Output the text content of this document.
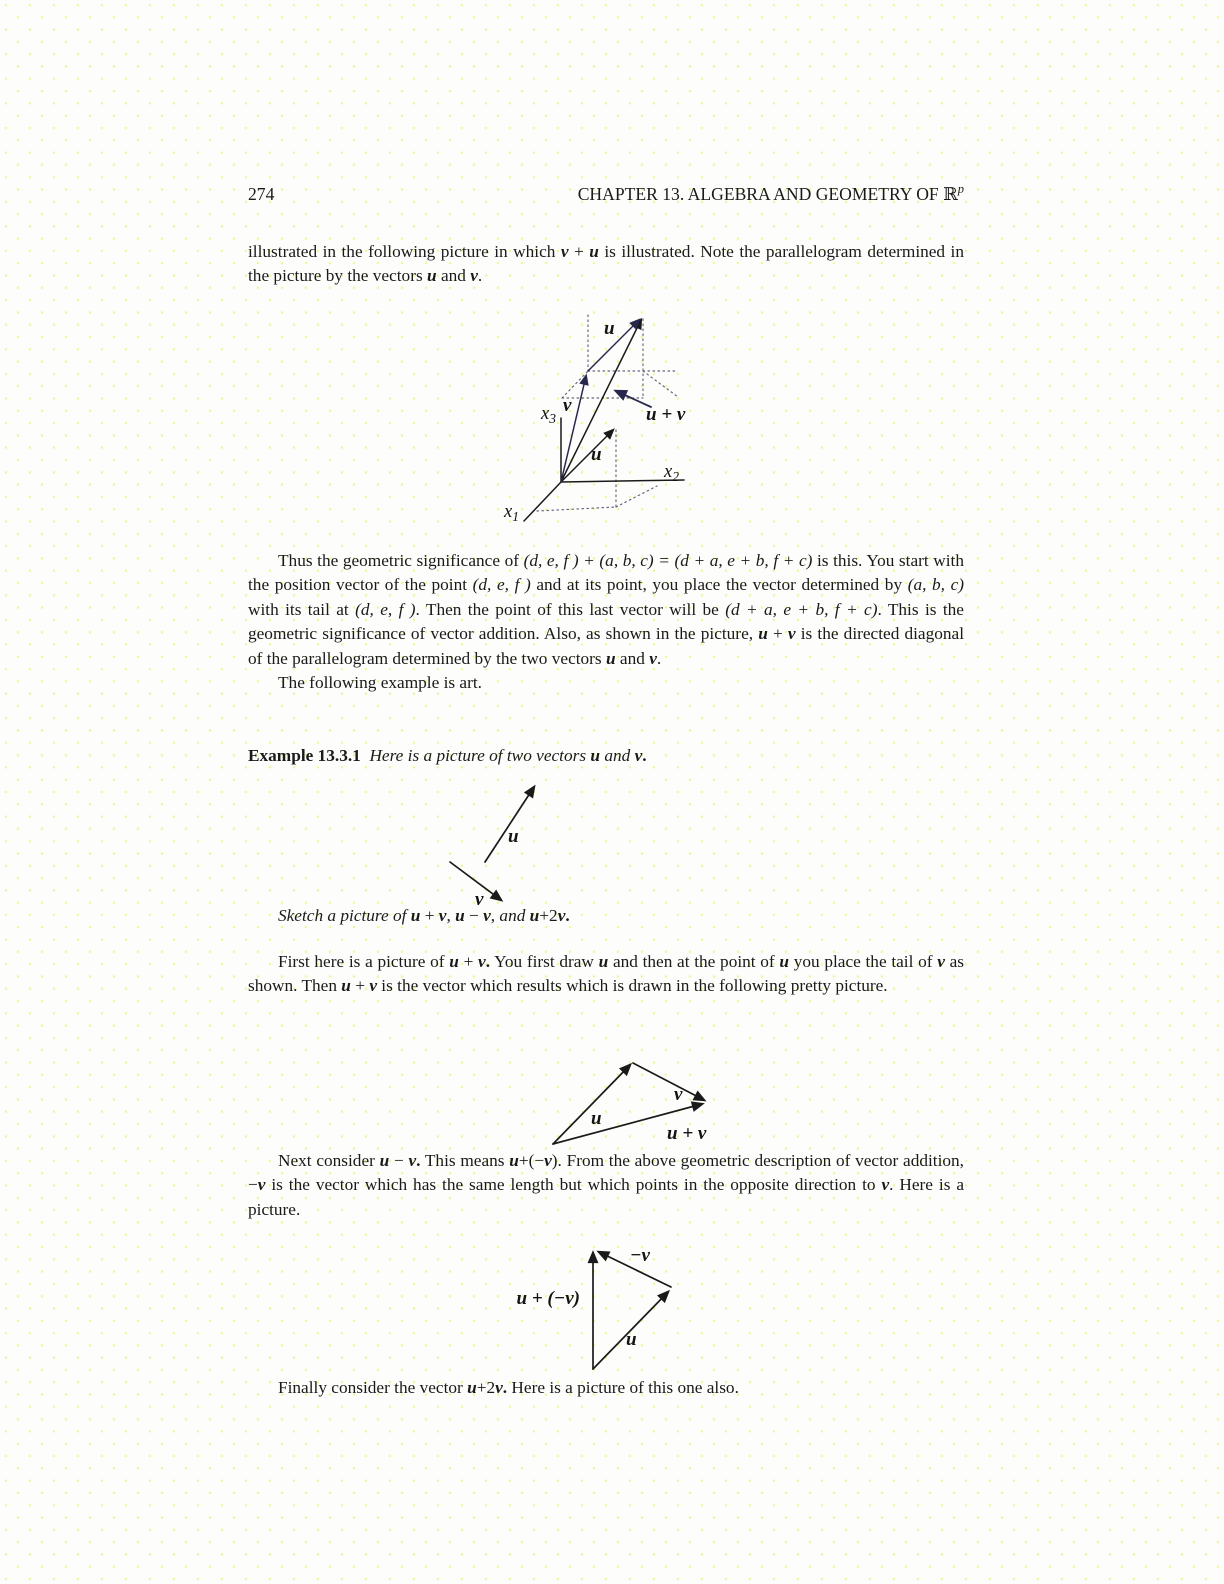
274	CHAPTER 13. ALGEBRA AND GEOMETRY OF ℝ$^p$

illustrated in the following picture in which v + u is illustrated. Note the parallelogram determined in the picture by the vectors u and v.

u
v
u
u + v
$x_3$
$x_2$
$x_1$

Thus the geometric significance of (d, e, f ) + (a, b, c) = (d + a, e + b, f + c) is this. You start with the position vector of the point (d, e, f ) and at its point, you place the vector determined by (a, b, c) with its tail at (d, e, f ). Then the point of this last vector will be (d + a, e + b, f + c). This is the geometric significance of vector addition. Also, as shown in the picture, u + v is the directed diagonal of the parallelogram determined by the two vectors u and v.

The following example is art.

Example 13.3.1 Here is a picture of two vectors u and v.

u
v

Sketch a picture of u + v, u − v, and u+2v.

First here is a picture of u + v. You first draw u and then at the point of u you place the tail of v as shown. Then u + v is the vector which results which is drawn in the following pretty picture.

u
v
u + v

Next consider u − v. This means u+(−v). From the above geometric description of vector addition, −v is the vector which has the same length but which points in the opposite direction to v. Here is a picture.

u + (−v)
u
−v

Finally consider the vector u+2v. Here is a picture of this one also.
